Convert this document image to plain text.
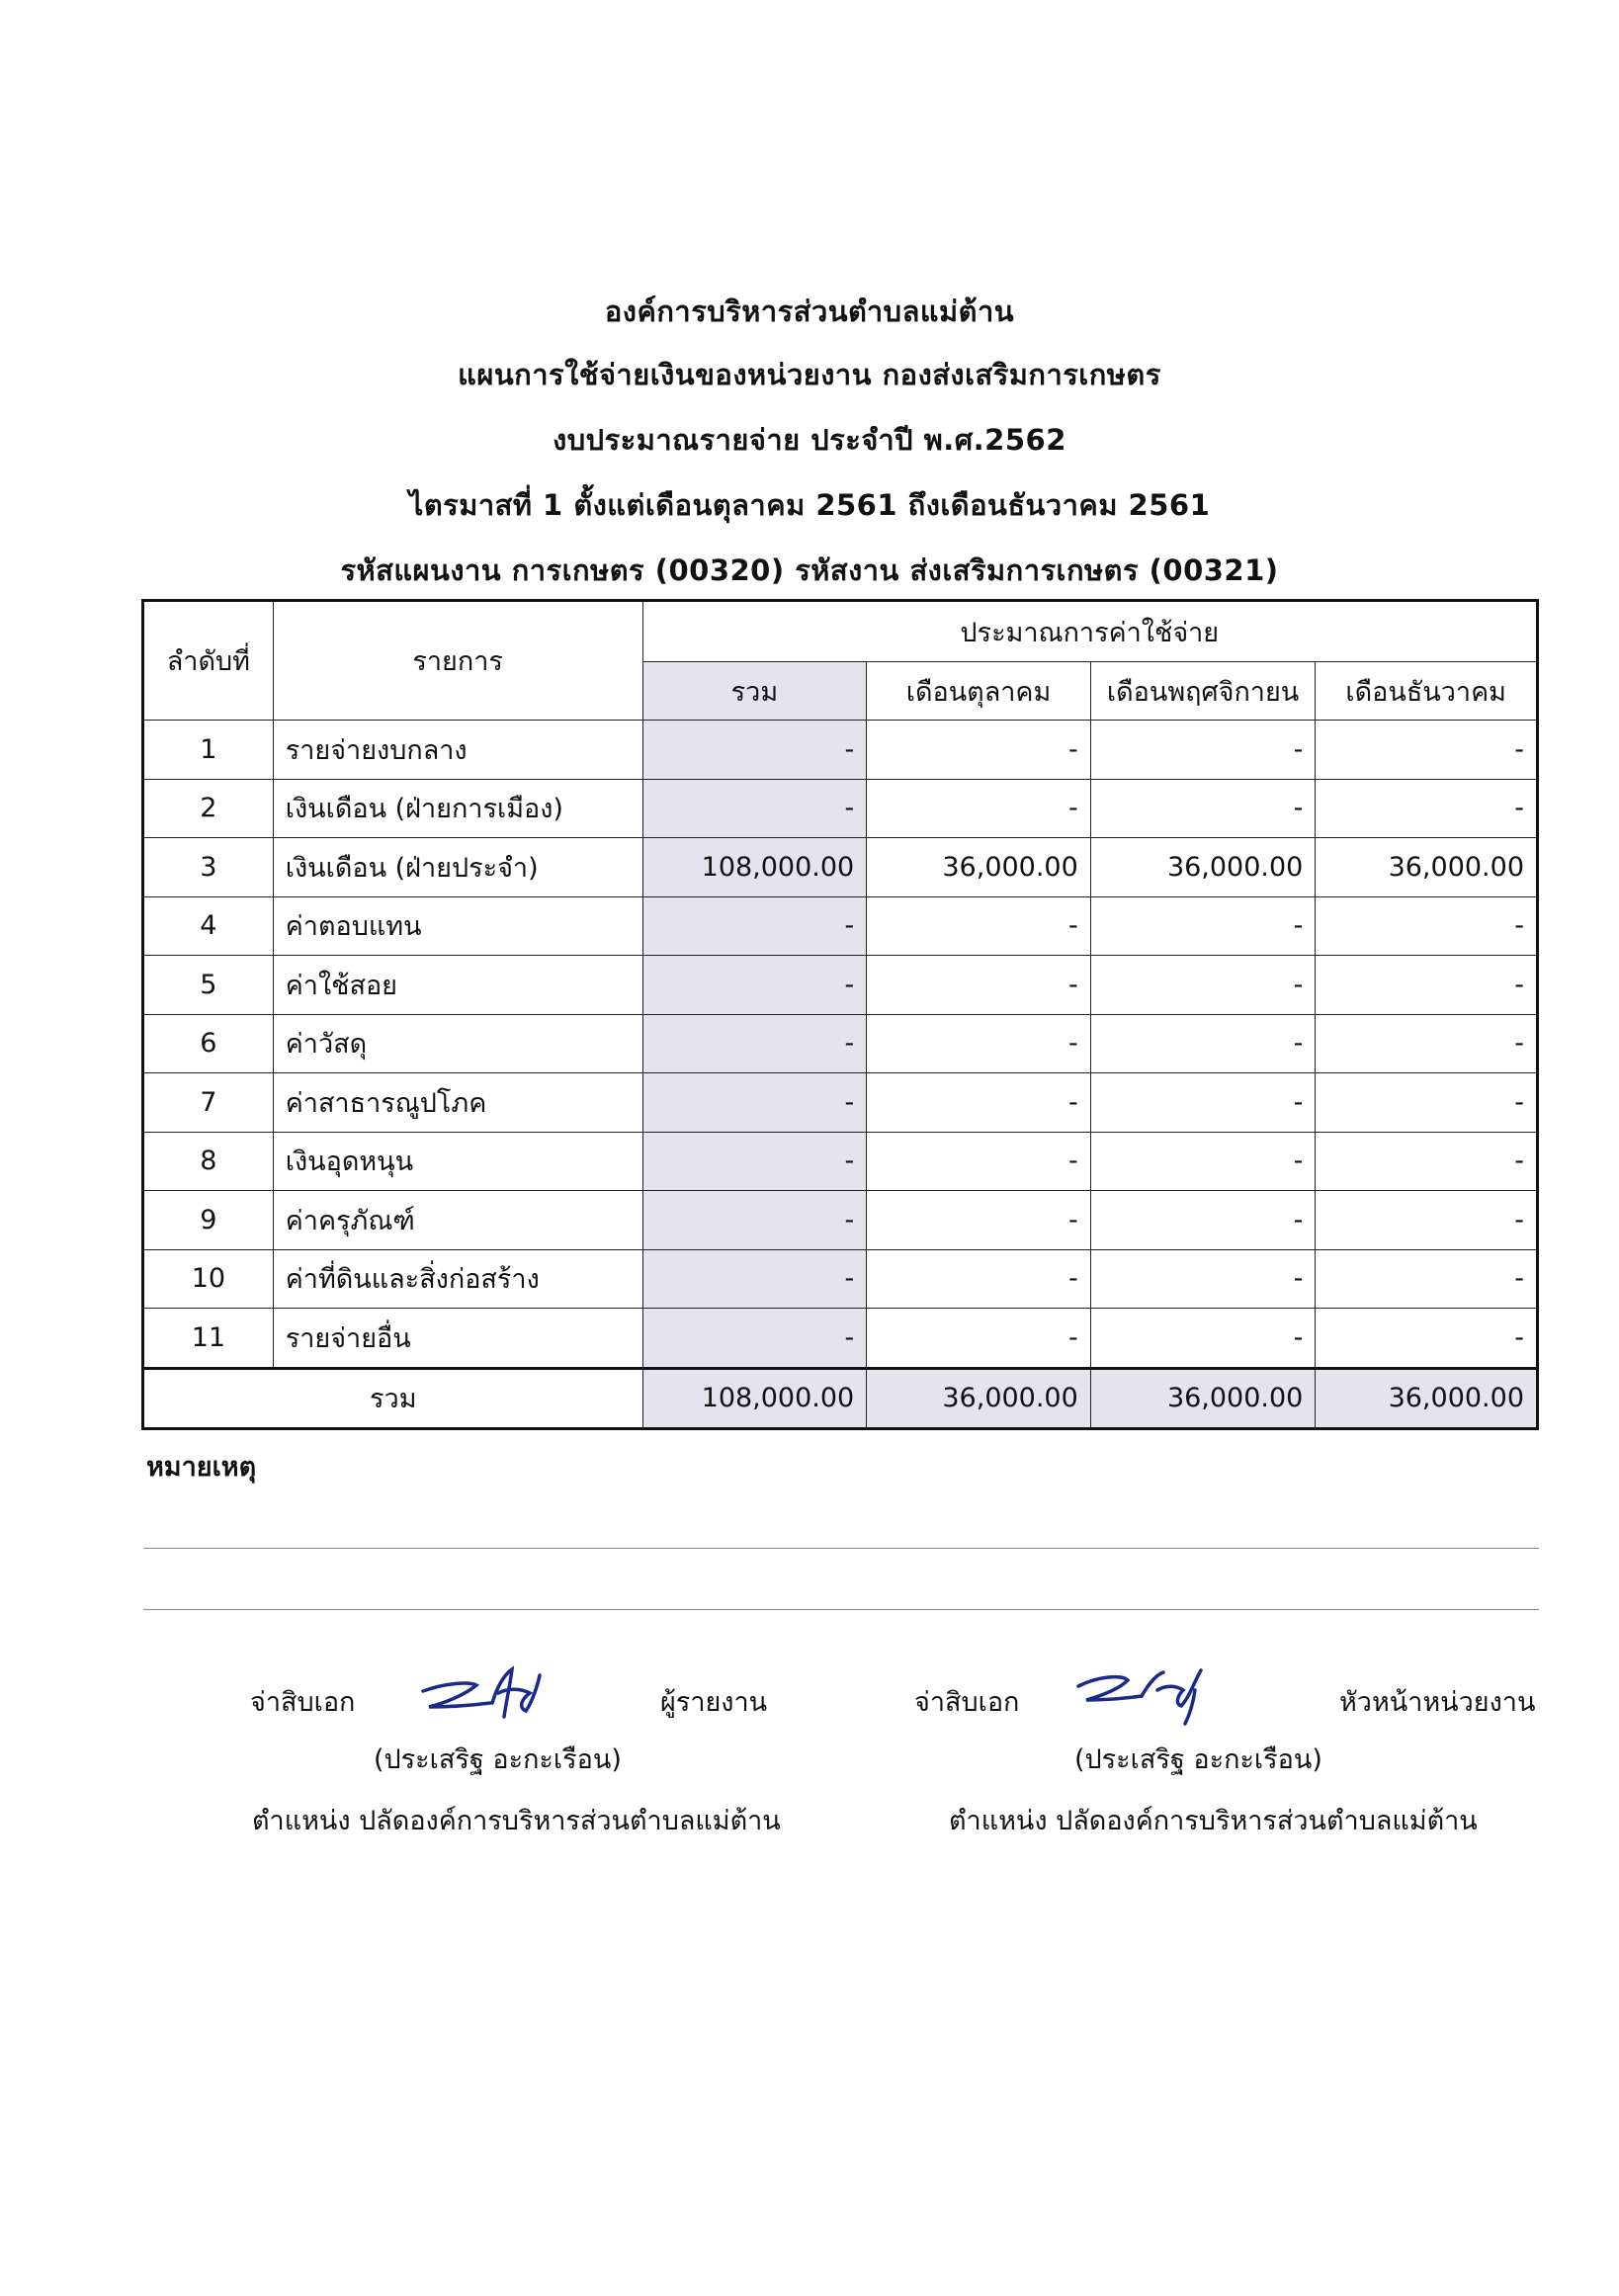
องค์การบริหารส่วนตำบลแม่ต้าน
แผนการใช้จ่ายเงินของหน่วยงาน กองส่งเสริมการเกษตร
งบประมาณรายจ่าย ประจำปี พ.ศ.2562
ไตรมาสที่ 1 ตั้งแต่เดือนตุลาคม 2561 ถึงเดือนธันวาคม 2561
รหัสแผนงาน การเกษตร (00320) รหัสงาน ส่งเสริมการเกษตร (00321)
ลำดับที่	รายการ	ประมาณการค่าใช้จ่าย			
		รวม	เดือนตุลาคม	เดือนพฤศจิกายน	เดือนธันวาคม
1	รายจ่ายงบกลาง	-	-	-	-
2	เงินเดือน (ฝ่ายการเมือง)	-	-	-	-
3	เงินเดือน (ฝ่ายประจำ)	108,000.00	36,000.00	36,000.00	36,000.00
4	ค่าตอบแทน	-	-	-	-
5	ค่าใช้สอย	-	-	-	-
6	ค่าวัสดุ	-	-	-	-
7	ค่าสาธารณูปโภค	-	-	-	-
8	เงินอุดหนุน	-	-	-	-
9	ค่าครุภัณฑ์	-	-	-	-
10	ค่าที่ดินและสิ่งก่อสร้าง	-	-	-	-
11	รายจ่ายอื่น	-	-	-	-
รวม		108,000.00	36,000.00	36,000.00	36,000.00
หมายเหตุ
จ่าสิบเอก	ผู้รายงาน
(ประเสริฐ อะกะเรือน)
ตำแหน่ง ปลัดองค์การบริหารส่วนตำบลแม่ต้าน
จ่าสิบเอก	หัวหน้าหน่วยงาน
(ประเสริฐ อะกะเรือน)
ตำแหน่ง ปลัดองค์การบริหารส่วนตำบลแม่ต้าน
